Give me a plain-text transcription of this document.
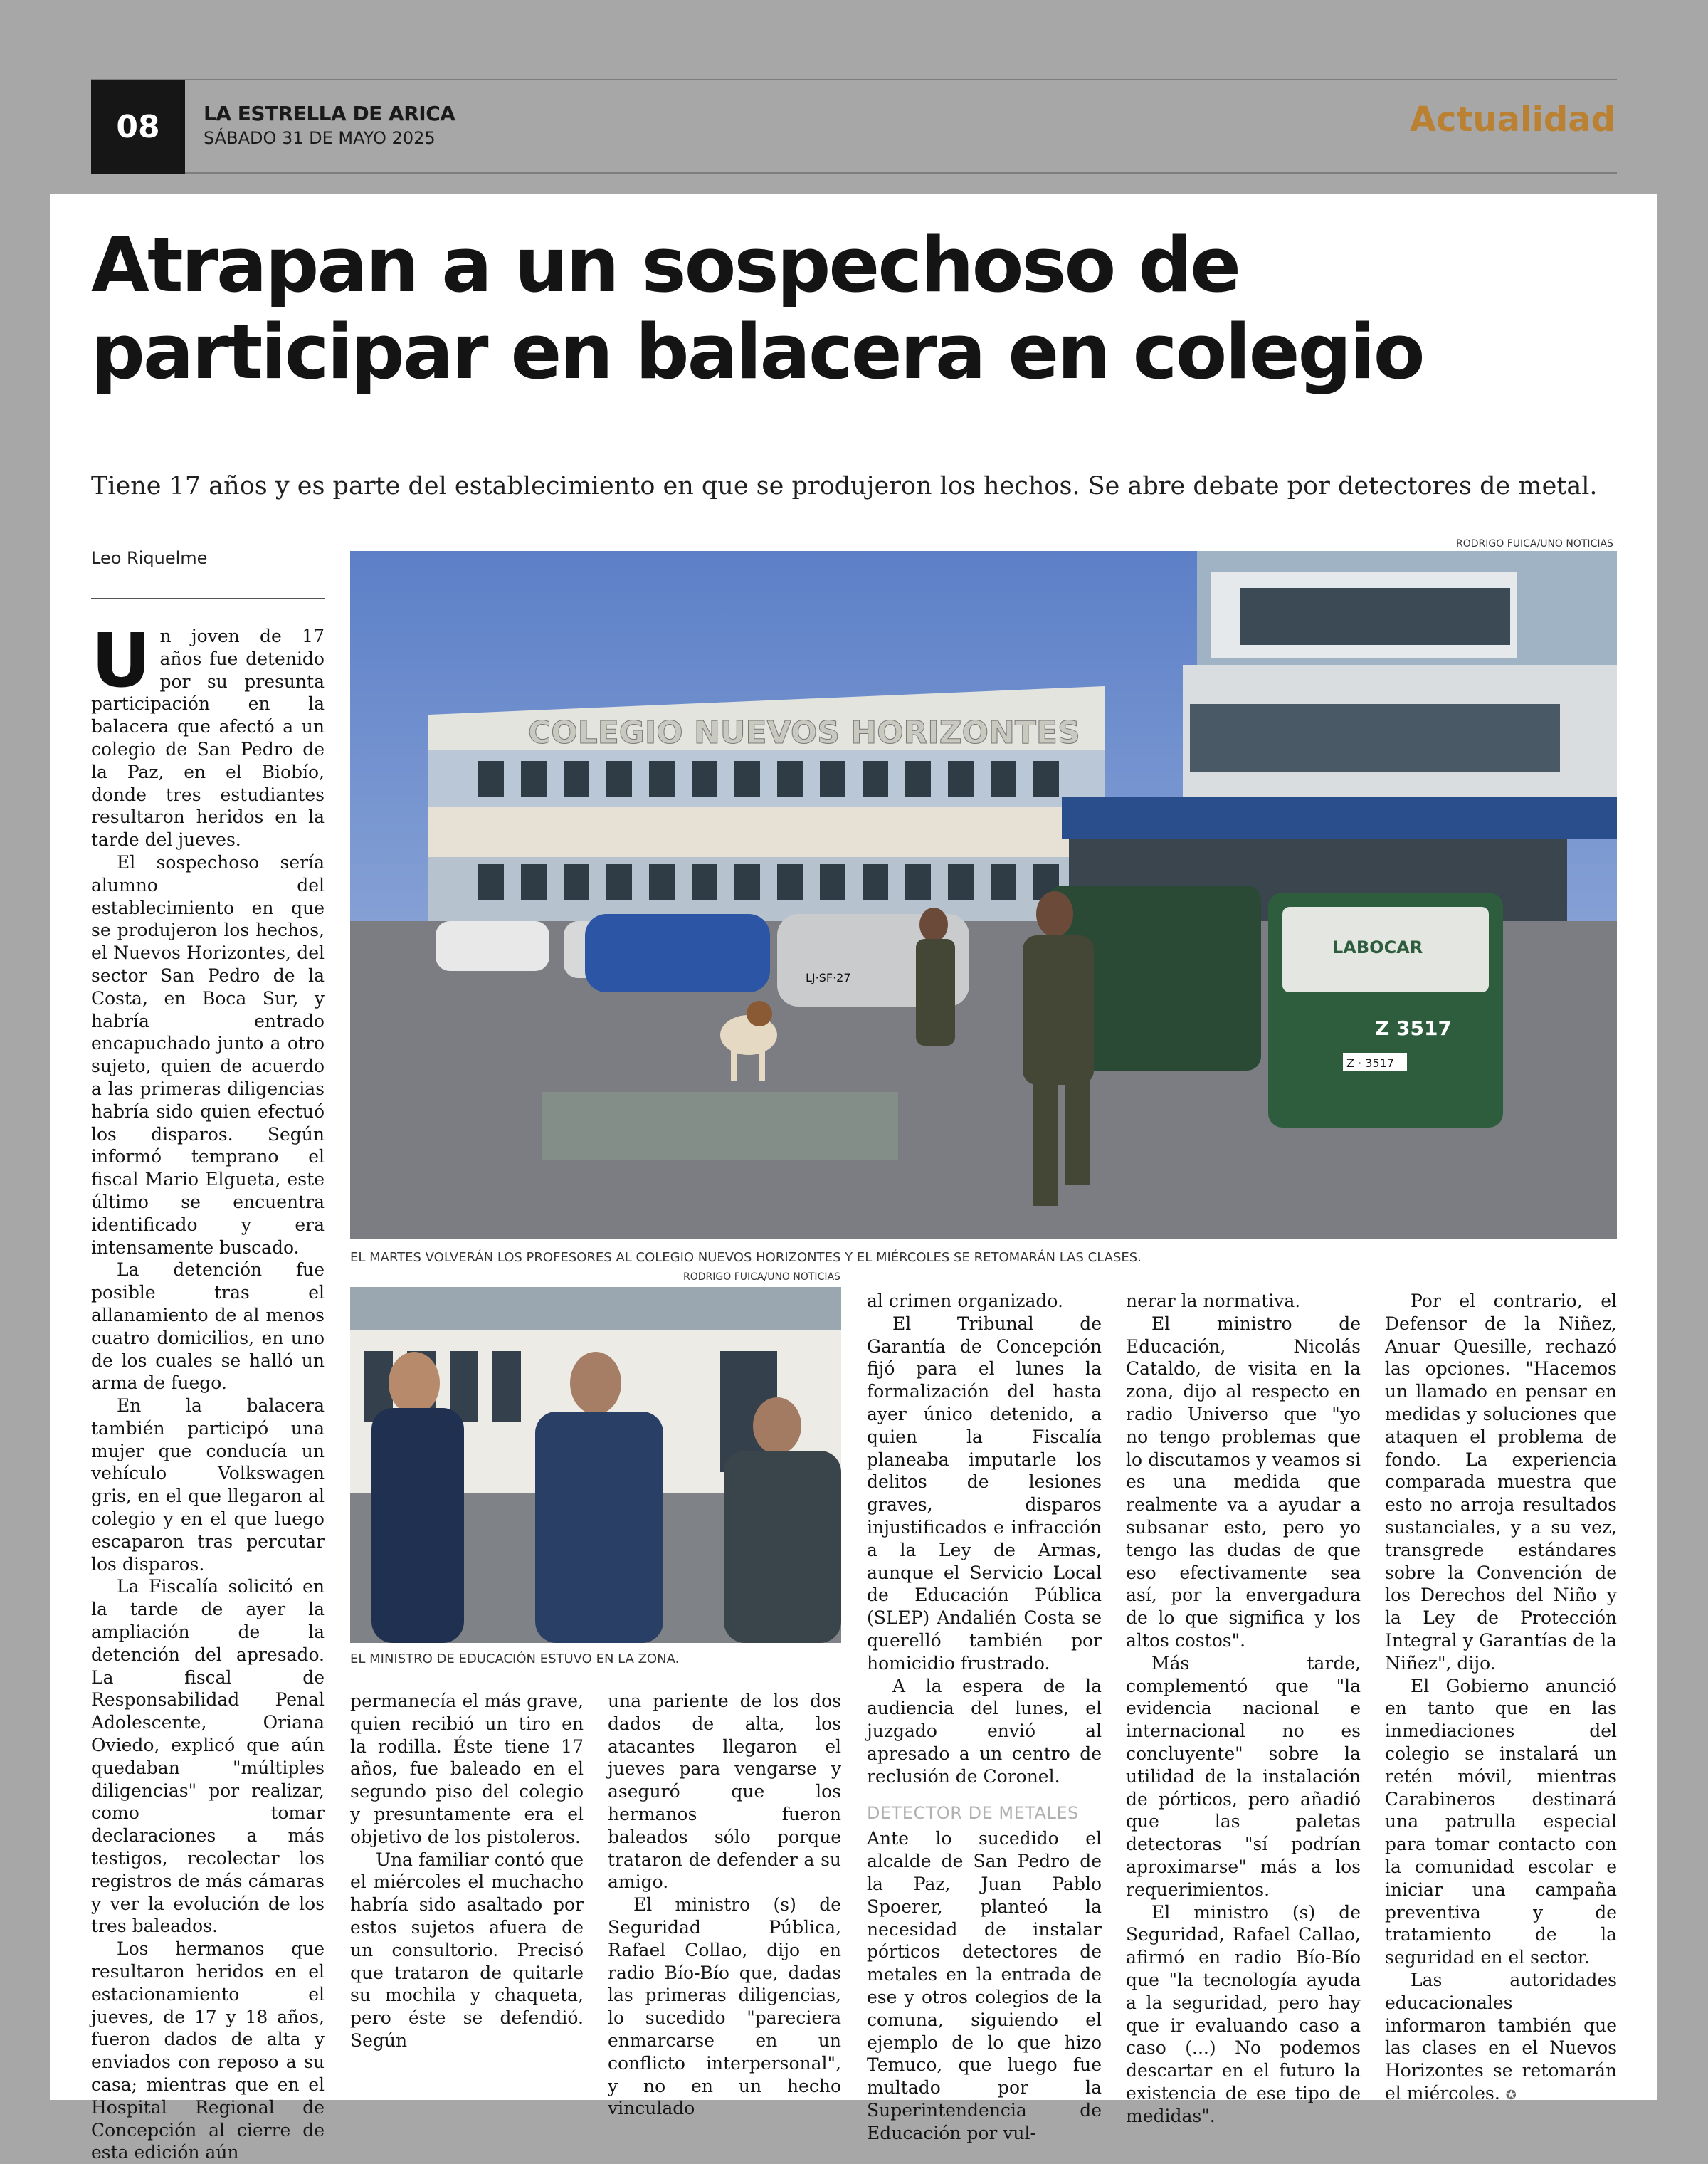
08	LA ESTRELLA DE ARICA
SÁBADO 31 DE MAYO 2025	Actualidad
Atrapan a un sospechoso de
participar en balacera en colegio
Tiene 17 años y es parte del establecimiento en que se produjeron los hechos. Se abre debate por detectores de metal.
Leo Riquelme
RODRIGO FUICA/UNO NOTICIAS
COLEGIO NUEVOS HORIZONTES
LJ·SF·27
LABOCAR
Z 3517
Z · 3517
EL MARTES VOLVERÁN LOS PROFESORES AL COLEGIO NUEVOS HORIZONTES Y EL MIÉRCOLES SE RETOMARÁN LAS CLASES.
RODRIGO FUICA/UNO NOTICIAS
EL MINISTRO DE EDUCACIÓN ESTUVO EN LA ZONA.

Un joven de 17 años fue detenido por su presunta participación en la balacera que afectó a un colegio de San Pedro de la Paz, en el Biobío, donde tres estudiantes resultaron heridos en la tarde del jueves.

El sospechoso sería alumno del establecimiento en que se produjeron los hechos, el Nuevos Horizontes, del sector San Pedro de la Costa, en Boca Sur, y habría entrado encapuchado junto a otro sujeto, quien de acuerdo a las primeras diligencias habría sido quien efectuó los disparos. Según informó temprano el fiscal Mario Elgueta, este último se encuentra identificado y era intensamente buscado.

La detención fue posible tras el allanamiento de al menos cuatro domicilios, en uno de los cuales se halló un arma de fuego.

En la balacera también participó una mujer que conducía un vehículo Volkswagen gris, en el que llegaron al colegio y en el que luego escaparon tras percutar los disparos.

La Fiscalía solicitó en la tarde de ayer la ampliación de la detención del apresado. La fiscal de Responsabilidad Penal Adolescente, Oriana Oviedo, explicó que aún quedaban "múltiples diligencias" por realizar, como tomar declaraciones a más testigos, recolectar los registros de más cámaras y ver la evolución de los tres baleados.

Los hermanos que resultaron heridos en el estacionamiento el jueves, de 17 y 18 años, fueron dados de alta y enviados con reposo a su casa; mientras que en el Hospital Regional de Concepción al cierre de esta edición aún

permanecía el más grave, quien recibió un tiro en la rodilla. Éste tiene 17 años, fue baleado en el segundo piso del colegio y presuntamente era el objetivo de los pistoleros.

Una familiar contó que el miércoles el muchacho habría sido asaltado por estos sujetos afuera de un consultorio. Precisó que trataron de quitarle su mochila y chaqueta, pero éste se defendió. Según

una pariente de los dos dados de alta, los atacantes llegaron el jueves para vengarse y aseguró que los hermanos fueron baleados sólo porque trataron de defender a su amigo.

El ministro (s) de Seguridad Pública, Rafael Collao, dijo en radio Bío-Bío que, dadas las primeras diligencias, lo sucedido "pareciera enmarcarse en un conflicto interpersonal", y no en un hecho vinculado

al crimen organizado.

El Tribunal de Garantía de Concepción fijó para el lunes la formalización del hasta ayer único detenido, a quien la Fiscalía planeaba imputarle los delitos de lesiones graves, disparos injustificados e infracción a la Ley de Armas, aunque el Servicio Local de Educación Pública (SLEP) Andalién Costa se querelló también por homicidio frustrado.

A la espera de la audiencia del lunes, el juzgado envió al apresado a un centro de reclusión de Coronel.

DETECTOR DE METALES

Ante lo sucedido el alcalde de San Pedro de la Paz, Juan Pablo Spoerer, planteó la necesidad de instalar pórticos detectores de metales en la entrada de ese y otros colegios de la comuna, siguiendo el ejemplo de lo que hizo Temuco, que luego fue multado por la Superintendencia de Educación por vul-

nerar la normativa.

El ministro de Educación, Nicolás Cataldo, de visita en la zona, dijo al respecto en radio Universo que "yo no tengo problemas que lo discutamos y veamos si es una medida que realmente va a ayudar a subsanar esto, pero yo tengo las dudas de que eso efectivamente sea así, por la envergadura de lo que significa y los altos costos".

Más tarde, complementó que "la evidencia nacional e internacional no es concluyente" sobre la utilidad de la instalación de pórticos, pero añadió que las paletas detectoras "sí podrían aproximarse" más a los requerimientos.

El ministro (s) de Seguridad, Rafael Callao, afirmó en radio Bío-Bío que "la tecnología ayuda a la seguridad, pero hay que ir evaluando caso a caso (...) No podemos descartar en el futuro la existencia de ese tipo de medidas".

Por el contrario, el Defensor de la Niñez, Anuar Quesille, rechazó las opciones. "Hacemos un llamado en pensar en medidas y soluciones que ataquen el problema de fondo. La experiencia comparada muestra que esto no arroja resultados sustanciales, y a su vez, transgrede estándares sobre la Convención de los Derechos del Niño y la Ley de Protección Integral y Garantías de la Niñez", dijo.

El Gobierno anunció en tanto que en las inmediaciones del colegio se instalará un retén móvil, mientras Carabineros destinará una patrulla especial para tomar contacto con la comunidad escolar e iniciar una campaña preventiva y de tratamiento de la seguridad en el sector.

Las autoridades educacionales informaron también que las clases en el Nuevos Horizontes se retomarán el miércoles. ✪
